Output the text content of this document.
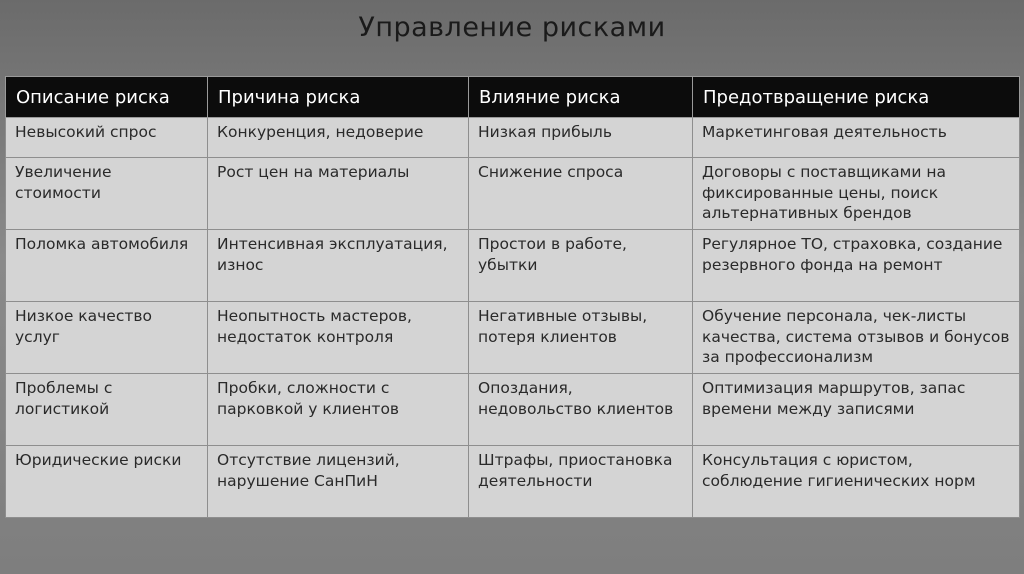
Управление рисками
Описание риска	Причина риска	Влияние риска	Предотвращение риска
Невысокий спрос	Конкуренция, недоверие	Низкая прибыль	Маркетинговая деятельность
Увеличение стоимости	Рост цен на материалы	Снижение спроса	Договоры с поставщиками на фиксированные цены, поиск альтернативных брендов
Поломка автомобиля	Интенсивная эксплуатация, износ	Простои в работе, убытки	Регулярное ТО, страховка, создание резервного фонда на ремонт
Низкое качество услуг	Неопытность мастеров, недостаток контроля	Негативные отзывы, потеря клиентов	Обучение персонала, чек-листы качества, система отзывов и бонусов за профессионализм
Проблемы с логистикой	Пробки, сложности с парковкой у клиентов	Опоздания, недовольство клиентов	Оптимизация маршрутов, запас времени между записями
Юридические риски	Отсутствие лицензий, нарушение СанПиН	Штрафы, приостановка деятельности	Консультация с юристом, соблюдение гигиенических норм
